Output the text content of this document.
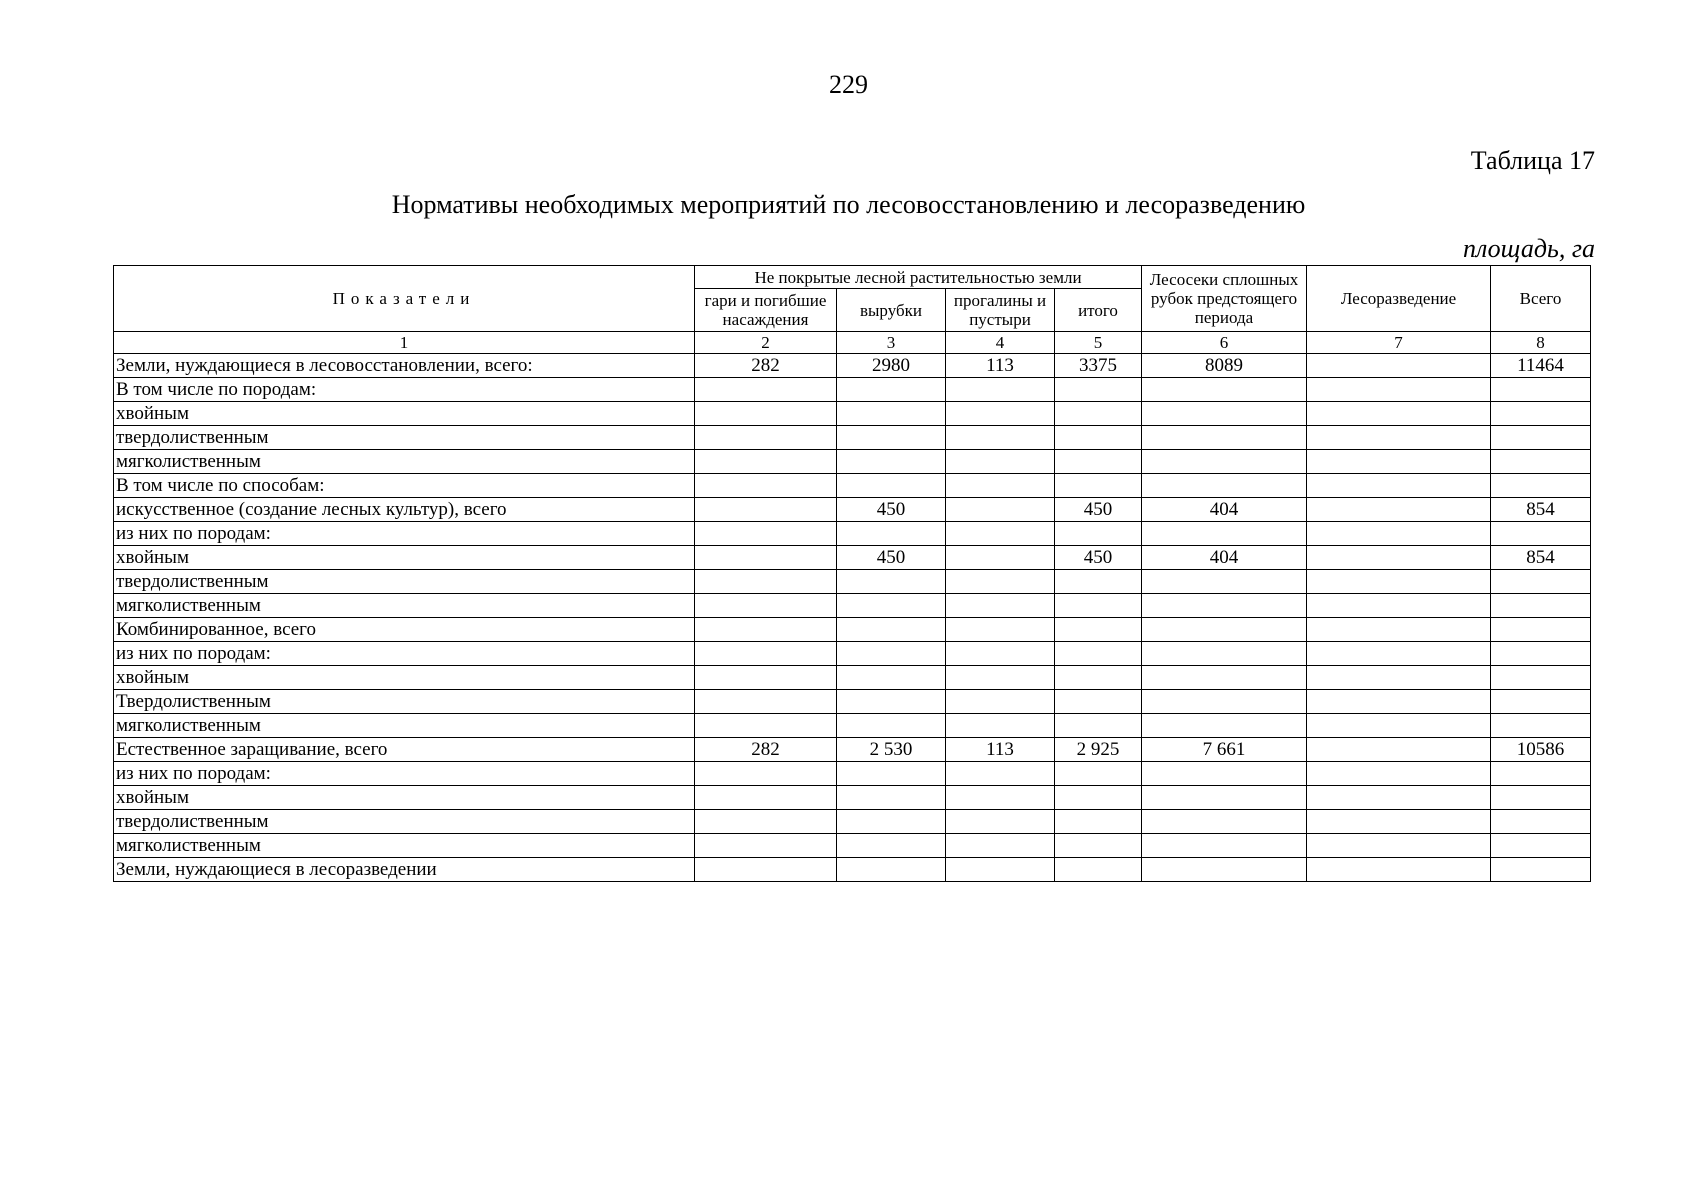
229
Таблица 17
Нормативы необходимых мероприятий по лесовосстановлению и лесоразведению
площадь, га
Показатели	Не покрытые лесной растительностью земли				Лесосеки сплошных рубок предстоящего периода	Лесоразведение	Всего
	гари и погибшие насаждения	вырубки	прогалины и пустыри	итого			
1	2	3	4	5	6	7	8
Земли, нуждающиеся в лесовосстановлении, всего:	282	2980	113	3375	8089		11464
В том числе по породам:							
хвойным							
твердолиственным							
мягколиственным							
В том числе по способам:							
искусственное (создание лесных культур), всего		450		450	404		854
из них по породам:							
хвойным		450		450	404		854
твердолиственным							
мягколиственным							
Комбинированное, всего							
из них по породам:							
хвойным							
Твердолиственным							
мягколиственным							
Естественное заращивание, всего	282	2 530	113	2 925	7 661		10586
из них по породам:							
хвойным							
твердолиственным							
мягколиственным							
Земли, нуждающиеся в лесоразведении							
